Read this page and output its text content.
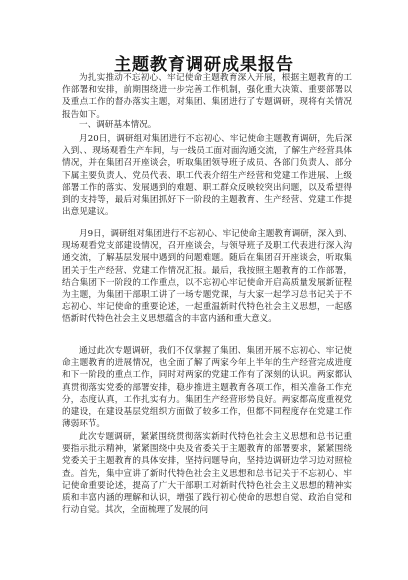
主题教育调研成果报告

为扎实推动不忘初心、牢记使命主题教育深入开展，根据主题教育的工作部署和安排，前期围绕进一步完善工作机制，强化重大决策、重要部署以及重点工作的督办落实主题，对集团、集团进行了专题调研，现将有关情况报告如下。

一、调研基本情况。

月20日，调研组对集团进行不忘初心、牢记使命主题教育调研，先后深入到、、现场观看生产车间，与一线员工面对面沟通交流，了解生产经营具体情况，并在集团召开座谈会，听取集团领导班子成员、各部门负责人、部分下属主要负责人、党员代表、职工代表介绍生产经营和党建工作进展、上级部署工作的落实、发展遇到的难题、职工群众反映较突出问题，以及希望得到的支持等，最后对集团抓好下一阶段的主题教育、生产经营、党建工作提出意见建议。

月9日，调研组对集团进行不忘初心、牢记使命主题教育调研，深入到、现场观看党支部建设情况，召开座谈会，与领导班子及职工代表进行深入沟通交流，了解基层发展中遇到的问题难题。随后在集团召开座谈会，听取集团关于生产经营、党建工作情况汇报。最后，我按照主题教育的工作部署，结合集团下一阶段的工作重点，以不忘初心牢记使命开启高质量发展新征程为主题，为集团干部职工讲了一场专题党课，与大家一起学习总书记关于不忘初心、牢记使命的重要论述，一起重温新时代特色社会主义思想，一起感悟新时代特色社会主义思想蕴含的丰富内涵和重大意义。

通过此次专题调研，我们不仅掌握了集团、集团开展不忘初心、牢记使命主题教育的进展情况，也全面了解了两家今年上半年的生产经营完成进度和下一阶段的重点工作，同时对两家的党建工作有了深刻的认识。两家都认真贯彻落实党委的部署安排，稳步推进主题教育各项工作，相关准备工作充分，态度认真，工作扎实有力。集团生产经营形势良好。两家都高度重视党的建设，在建设基层党组织方面做了较多工作，但都不同程度存在党建工作薄弱环节。

此次专题调研，紧紧围绕贯彻落实新时代特色社会主义思想和总书记重要指示批示精神，紧紧围绕中央及省委关于主题教育的部署要求，紧紧围绕党委关于主题教育的具体安排，坚持问题导向，坚持边调研边学习边对照检查。首先，集中宣讲了新时代特色社会主义思想和总书记关于不忘初心、牢记使命重要论述，提高了广大干部职工对新时代特色社会主义思想的精神实质和丰富内涵的理解和认识，增强了践行初心使命的思想自觉、政治自觉和行动自觉。其次，全面梳理了发展的问
